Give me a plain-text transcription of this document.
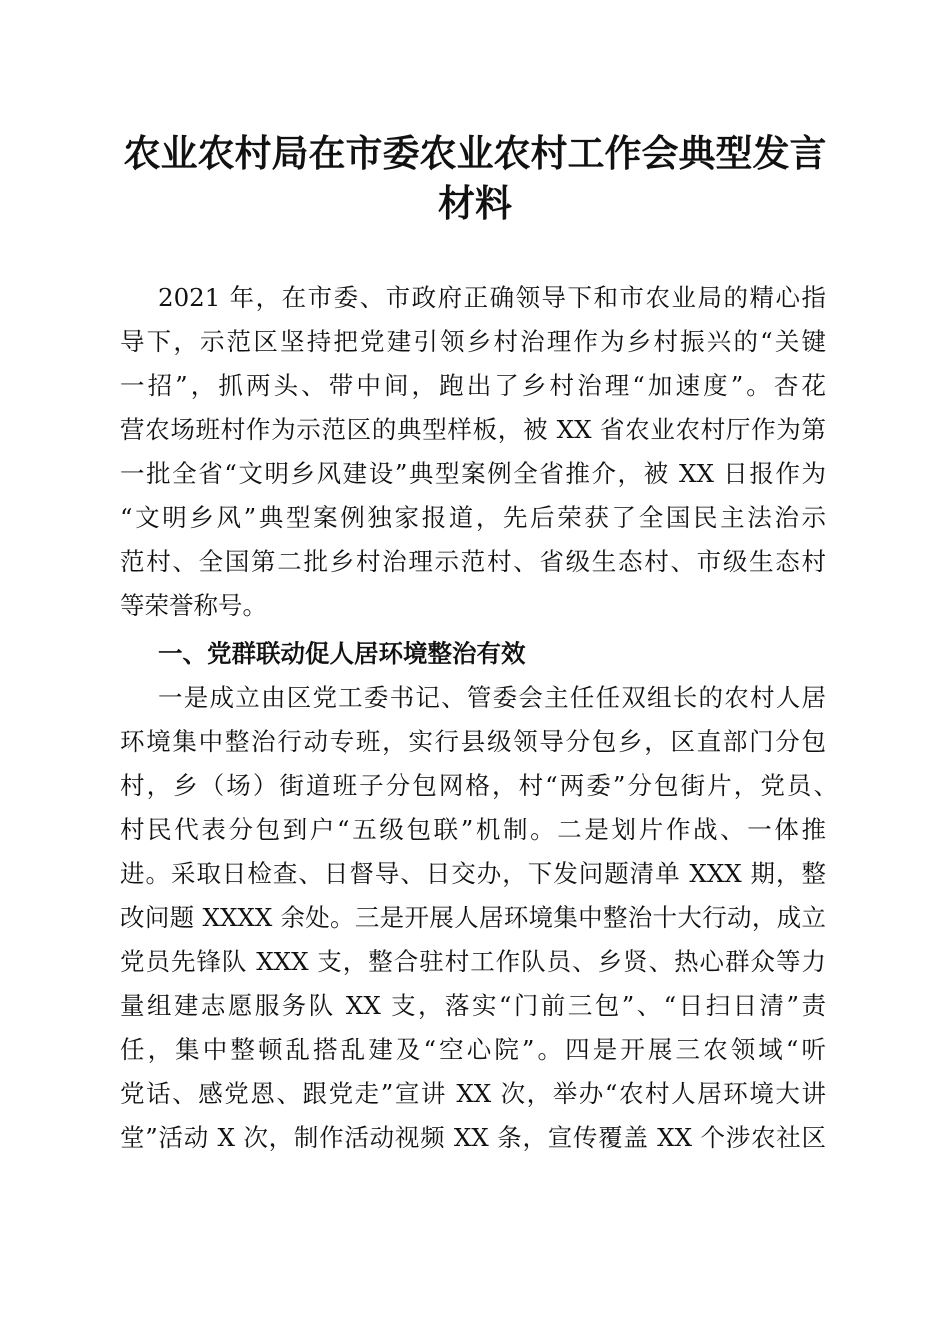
农业农村局在市委农业农村工作会典型发言材料
2021 年，在市委、市政府正确领导下和市农业局的精心指
导下，示范区坚持把党建引领乡村治理作为乡村振兴的“关键
一招”，抓两头、带中间，跑出了乡村治理“加速度”。杏花
营农场班村作为示范区的典型样板，被 XX 省农业农村厅作为第
一批全省“文明乡风建设”典型案例全省推介，被 XX 日报作为
“文明乡风”典型案例独家报道，先后荣获了全国民主法治示
范村、全国第二批乡村治理示范村、省级生态村、市级生态村
等荣誉称号。
一、党群联动促人居环境整治有效
一是成立由区党工委书记、管委会主任任双组长的农村人居
环境集中整治行动专班，实行县级领导分包乡，区直部门分包
村，乡（场）街道班子分包网格，村“两委”分包街片，党员、
村民代表分包到户“五级包联”机制。二是划片作战、一体推
进。采取日检查、日督导、日交办，下发问题清单 XXX 期，整
改问题 XXXX 余处。三是开展人居环境集中整治十大行动，成立
党员先锋队 XXX 支，整合驻村工作队员、乡贤、热心群众等力
量组建志愿服务队 XX 支，落实“门前三包”、“日扫日清”责
任，集中整顿乱搭乱建及“空心院”。四是开展三农领域“听
党话、感党恩、跟党走”宣讲 XX 次，举办“农村人居环境大讲
堂”活动 X 次，制作活动视频 XX 条，宣传覆盖 XX 个涉农社区
